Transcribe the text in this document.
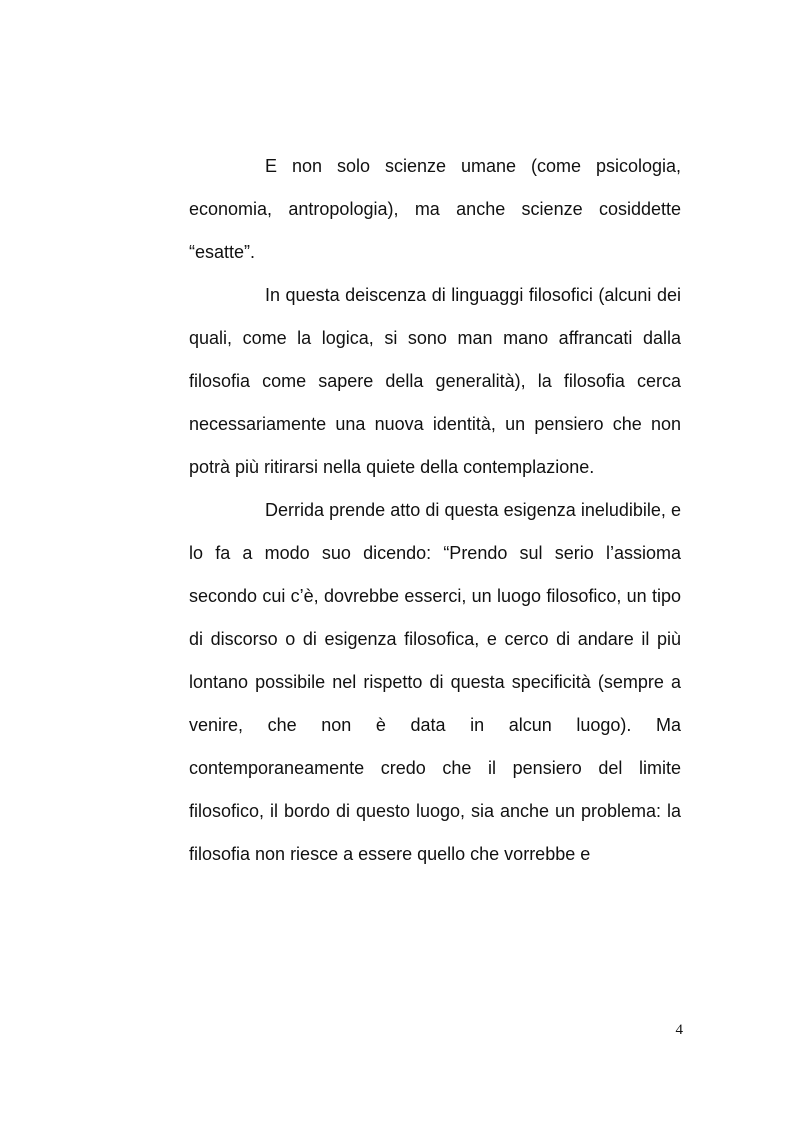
E non solo scienze umane (come psicologia, economia, antropologia), ma anche scienze cosiddette “esatte”.

In questa deiscenza di linguaggi filosofici (alcuni dei quali, come la logica, si sono man mano affrancati dalla filosofia come sapere della generalità), la filosofia cerca necessariamente una nuova identità, un pensiero che non potrà più ritirarsi nella quiete della contemplazione.

Derrida prende atto di questa esigenza ineludibile, e lo fa a modo suo dicendo: “Prendo sul serio l’assioma secondo cui c’è, dovrebbe esserci, un luogo filosofico, un tipo di discorso o di esigenza filosofica, e cerco di andare il più lontano possibile nel rispetto di questa specificità (sempre a venire, che non è data in alcun luogo). Ma contemporaneamente credo che il pensiero del limite filosofico, il bordo di questo luogo, sia anche un problema: la filosofia non riesce a essere quello che vorrebbe e

4
